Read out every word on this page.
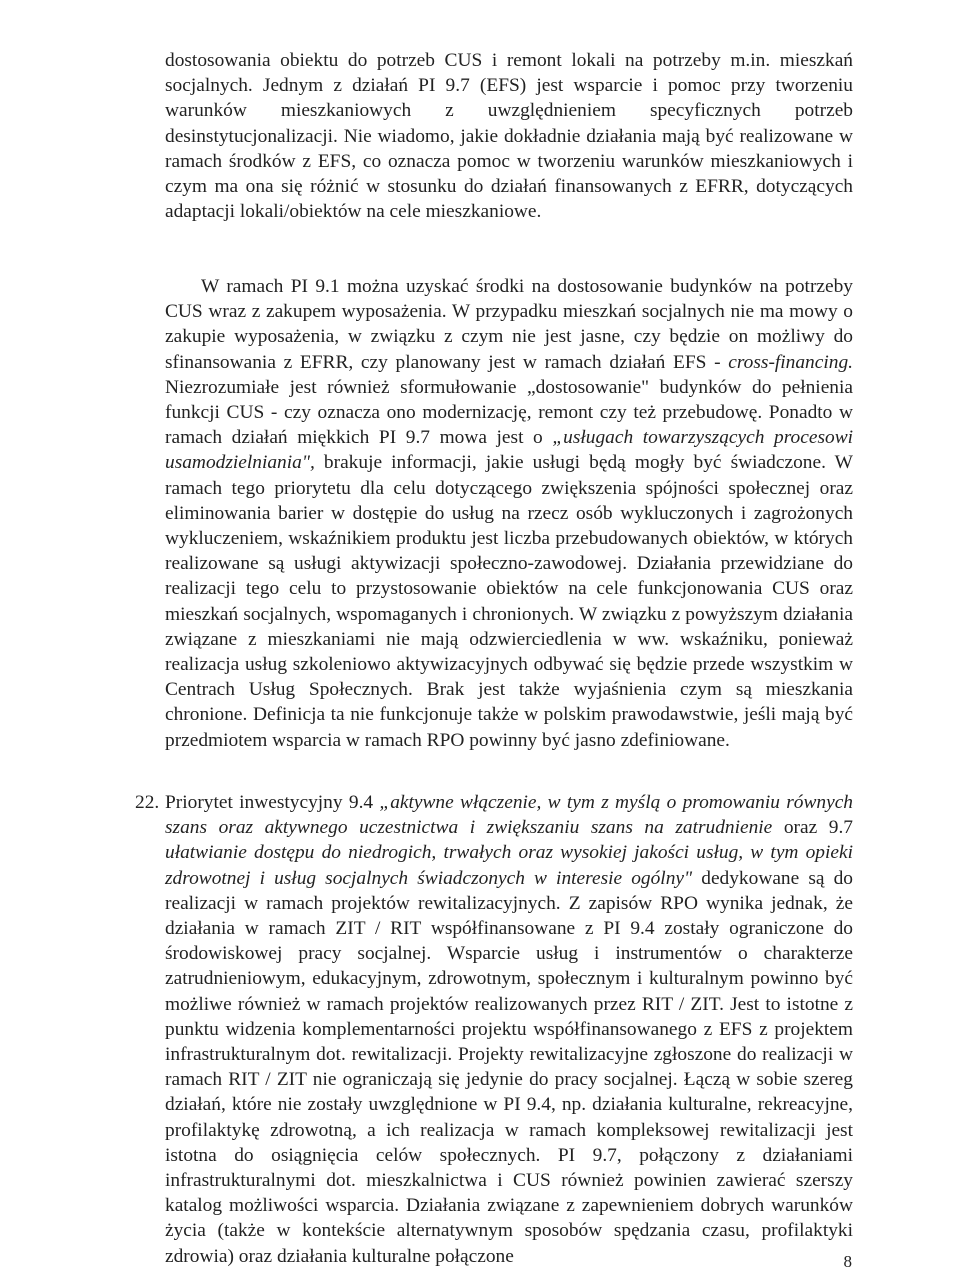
dostosowania obiektu do potrzeb CUS i remont lokali na potrzeby m.in. mieszkań socjalnych. Jednym z działań PI 9.7 (EFS) jest wsparcie i pomoc przy tworzeniu warunków mieszkaniowych z uwzględnieniem specyficznych potrzeb desinstytucjonalizacji. Nie wiadomo, jakie dokładnie działania mają być realizowane w ramach środków z EFS, co oznacza pomoc w tworzeniu warunków mieszkaniowych i czym ma ona się różnić w stosunku do działań finansowanych z EFRR, dotyczących adaptacji lokali/obiektów na cele mieszkaniowe.

W ramach PI 9.1 można uzyskać środki na dostosowanie budynków na potrzeby CUS wraz z zakupem wyposażenia. W przypadku mieszkań socjalnych nie ma mowy o zakupie wyposażenia, w związku z czym nie jest jasne, czy będzie on możliwy do sfinansowania z EFRR, czy planowany jest w ramach działań EFS - cross-financing. Niezrozumiałe jest również sformułowanie „dostosowanie" budynków do pełnienia funkcji CUS - czy oznacza ono modernizację, remont czy też przebudowę. Ponadto w ramach działań miękkich PI 9.7 mowa jest o „usługach towarzyszących procesowi usamodzielniania", brakuje informacji, jakie usługi będą mogły być świadczone. W ramach tego priorytetu dla celu dotyczącego zwiększenia spójności społecznej oraz eliminowania barier w dostępie do usług na rzecz osób wykluczonych i zagrożonych wykluczeniem, wskaźnikiem produktu jest liczba przebudowanych obiektów, w których realizowane są usługi aktywizacji społeczno-zawodowej. Działania przewidziane do realizacji tego celu to przystosowanie obiektów na cele funkcjonowania CUS oraz mieszkań socjalnych, wspomaganych i chronionych. W związku z powyższym działania związane z mieszkaniami nie mają odzwierciedlenia w ww. wskaźniku, ponieważ realizacja usług szkoleniowo aktywizacyjnych odbywać się będzie przede wszystkim w Centrach Usług Społecznych. Brak jest także wyjaśnienia czym są mieszkania chronione. Definicja ta nie funkcjonuje także w polskim prawodawstwie, jeśli mają być przedmiotem wsparcia w ramach RPO powinny być jasno zdefiniowane.

22. Priorytet inwestycyjny 9.4 „aktywne włączenie, w tym z myślą o promowaniu równych szans oraz aktywnego uczestnictwa i zwiększaniu szans na zatrudnienie oraz 9.7 ułatwianie dostępu do niedrogich, trwałych oraz wysokiej jakości usług, w tym opieki zdrowotnej i usług socjalnych świadczonych w interesie ogólny" dedykowane są do realizacji w ramach projektów rewitalizacyjnych. Z zapisów RPO wynika jednak, że działania w ramach ZIT / RIT współfinansowane z PI 9.4 zostały ograniczone do środowiskowej pracy socjalnej. Wsparcie usług i instrumentów o charakterze zatrudnieniowym, edukacyjnym, zdrowotnym, społecznym i kulturalnym powinno być możliwe również w ramach projektów realizowanych przez RIT / ZIT. Jest to istotne z punktu widzenia komplementarności projektu współfinansowanego z EFS z projektem infrastrukturalnym dot. rewitalizacji. Projekty rewitalizacyjne zgłoszone do realizacji w ramach RIT / ZIT nie ograniczają się jedynie do pracy socjalnej. Łączą w sobie szereg działań, które nie zostały uwzględnione w PI 9.4, np. działania kulturalne, rekreacyjne, profilaktykę zdrowotną, a ich realizacja w ramach kompleksowej rewitalizacji jest istotna do osiągnięcia celów społecznych. PI 9.7, połączony z działaniami infrastrukturalnymi dot. mieszkalnictwa i CUS również powinien zawierać szerszy katalog możliwości wsparcia. Działania związane z zapewnieniem dobrych warunków życia (także w kontekście alternatywnym sposobów spędzania czasu, profilaktyki zdrowia) oraz działania kulturalne połączone	8
